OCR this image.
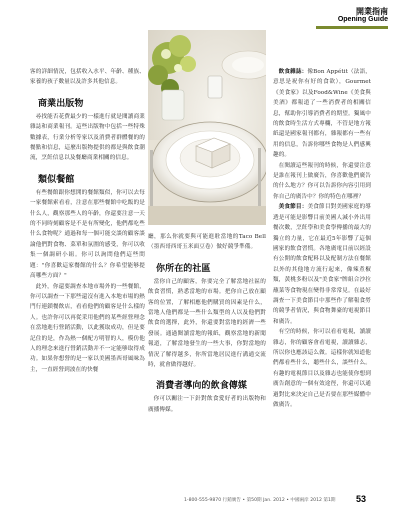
開業指南
Opening Guide

客的詳細情況，包括收入水平、年齡、種族、家養的孩子數量以及許多其他信息。

商業出版物

尋找能否花費最少的一樣進行就是閱讀商業雜誌和商業報刊。這些出版物中包括一些特殊數據表，行業分析等家以及消費者群體餐的的餐點和信息，這麼出版物提供的都是與飲食潮流，烹飪信息以及餐廳商業相關的信息。

類似餐館

有些餐館跟你想開的餐館類似，你可以去每一家餐館索看看，注意在那些餐館中吃飯的是什么人，觀察那些人的年齡，你還要注意一天的不同時刻顧客是不是有所變化，他們都吃些什么食物呢？通過和每一個可能交談的顧客談論他們對食物、菜單和氛圍的感受，你可以收集一個調研小組。你可以詢問他們這些問題："你喜歡這家餐館的什么？你希望能够提高哪些方面？"

此外，你還要調查本地市場外的一些餐館，你可以調查一下那些還沒有進入本地市場的熱門行連鎖餐飲店，看看他們的顧客是什么樣的人。也許你可以再從采用他們的某些經營理念在當地進行營銷活動，以此獲取成功，但是要記住的是，作為熱一個配方明智的人，模仿他人的理念來進行營銷活動并不一定能够取得成功。如果你想營的是一家以美國墨西哥風味為主，一直經營到波在的快餐

廳，那么你就要與可能進駐當地的Taco Bell（墨西哥西哥玉米面豆卷）做好競爭準備。

你所在的社區

當你自己的顧客，你要完全了解當地社區的飲食習慣，熟悉當地的市場。把你自己放在顧客的位置，了解相應他們購買的因素是什么，當地人他們都是一些什么類型的人以及他們對飲食的選擇，此外，你還要對當地的經濟一些發展。通過閱讀當地的報紙，觀察當地的新聞報道，了解當地發生的一些大事，你對當地的情況了解得越多，你所當地居民進行溝通交流時，就會做得越好。

消費者導向的飲食傳媒

你可以關注一下針對飲食愛好者的出版物和廣播傳媒。

飲食雜誌：像Bon Appétit（法語，意思是祝你有好的食欲），Gourmet《美食家》以及Food&Wine《美食與美酒》都報道了一些消費者的相關信息，幫助你引導消費者的期望。獨風中的飲食時生活方式專欄，不管是地方報紙還是國家報刊都有，雜報都有一些有用的信息，告訴你哪些食物是人們感興趣的。

在閱讀這些報刊的時候，你還要注意是誰在報刊上做廣告，你喜歡他們廣告的什么地方？你可以告訴你內容引用到你自己的廣告中？你的特色在哪裡？

美食節目：美食節目對美國家庭的導透是可能是影響目前美國人減小外出用餐次數，烹飪學和美食學傳播的最大的獨立的力量，它在最近5年影響了這個國家的飲食習慣。各地廣電目前以經設有公開的飲食配料以及配制方法在餐館以外的其他地方流行起來，像辣煮椒類，黃桃多粉以及"美食家"牌組合沙拉蘸菜等食物現在變得非常常見。在最好調查一下美食節目中那些作了解報食勞的競爭者情況，與食物舞臺的電視節目和廣告。

有空的時候，你可以看看電視，讀讀雜志，你的顧客會看電視，讀讀雜志，所以你也應該這么做。這樣你就知道他們都看些什么，聽些什么，談些什么。有趣的電視節目以及雜志也能使你想到廣告創意的一個有效途徑，你還可以通過對比來決定自己是否要在那些媒體中做廣告。

1-800-555-9870 行銷廣告 • 第50期 Jan. 2012 • 中國兩岸 2012 第1期 53
